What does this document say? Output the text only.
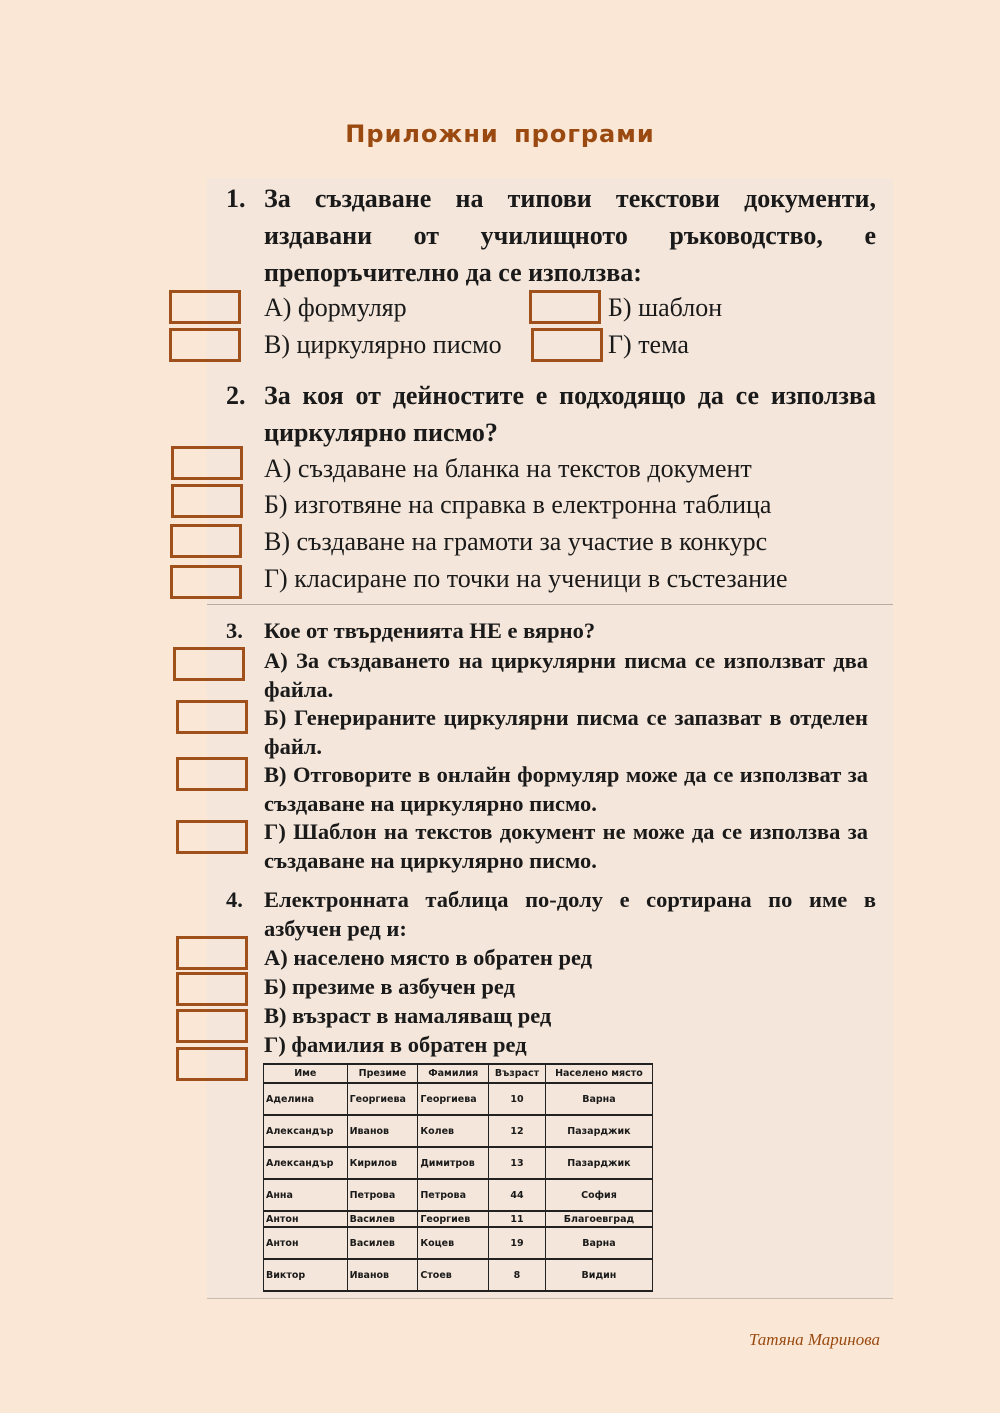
Приложни програми
1. За създаване на типови текстови документи, издавани от училищното ръководство, е препоръчително да се използва:
А) формуляр	Б) шаблон
В) циркулярно писмо	Г) тема
2. За коя от дейностите е подходящо да се използва циркулярно писмо?
А) създаване на бланка на текстов документ
Б) изготвяне на справка в електронна таблица
В) създаване на грамоти за участие в конкурс
Г) класиране по точки на ученици в състезание
3. Кое от твърденията НЕ е вярно?
А) За създаването на циркулярни писма се използват два файла.
Б) Генерираните циркулярни писма се запазват в отделен файл.
В) Отговорите в онлайн формуляр може да се използват за създаване на циркулярно писмо.
Г) Шаблон на текстов документ не може да се използва за създаване на циркулярно писмо.
4. Електронната таблица по-долу е сортирана по име в азбучен ред и:
А) населено място в обратен ред
Б) презиме в азбучен ред
В) възраст в намаляващ ред
Г) фамилия в обратен ред
Име	Презиме	Фамилия	Възраст	Населено място
Аделина	Георгиева	Георгиева	10	Варна
Александър	Иванов	Колев	12	Пазарджик
Александър	Кирилов	Димитров	13	Пазарджик
Анна	Петрова	Петрова	44	София
Антон	Василев	Георгиев	11	Благоевград
Антон	Василев	Коцев	19	Варна
Виктор	Иванов	Стоев	8	Видин
Татяна Маринова
